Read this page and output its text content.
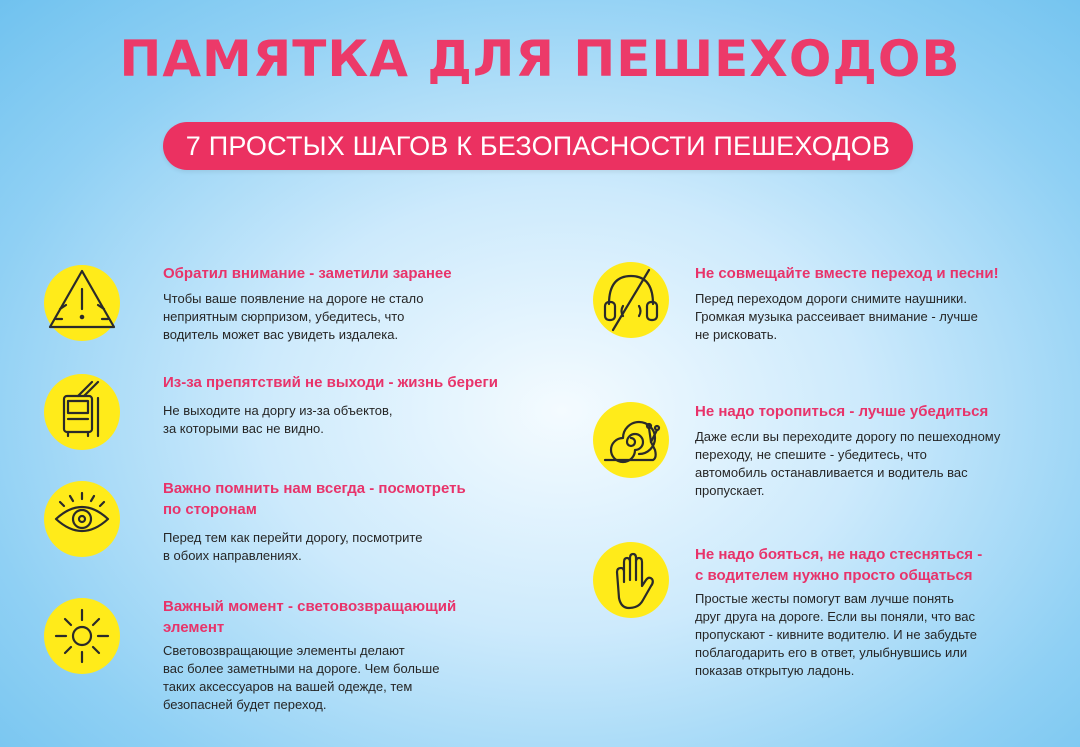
ПАМЯТКА ДЛЯ ПЕШЕХОДОВ
7 ПРОСТЫХ ШАГОВ К БЕЗОПАСНОСТИ ПЕШЕХОДОВ
Обратил внимание - заметили заранее

Чтобы ваше появление на дороге не стало
неприятным сюрпризом, убедитесь, что
водитель может вас увидеть издалека.

Из-за препятствий не выходи - жизнь береги

Не выходите на доргу из-за объектов,
за которыми вас не видно.

Важно помнить нам всегда - посмотреть
по сторонам

Перед тем как перейти дорогу, посмотрите
в обоих направлениях.

Важный момент - световозвращающий
элемент

Световозвращающие элементы делают
вас более заметными на дороге. Чем больше
таких аксессуаров на вашей одежде, тем
безопасней будет переход.

Не совмещайте вместе переход и песни!

Перед переходом дороги снимите наушники.
Громкая музыка рассеивает внимание - лучше
не рисковать.

Не надо торопиться - лучше убедиться

Даже если вы переходите дорогу по пешеходному
переходу, не спешите - убедитесь, что
автомобиль останавливается и водитель вас
пропускает.

Не надо бояться, не надо стесняться -
с водителем нужно просто общаться

Простые жесты помогут вам лучше понять
друг друга на дороге. Если вы поняли, что вас
пропускают - кивните водителю. И не забудьте
поблагодарить его в ответ, улыбнувшись или
показав открытую ладонь.
